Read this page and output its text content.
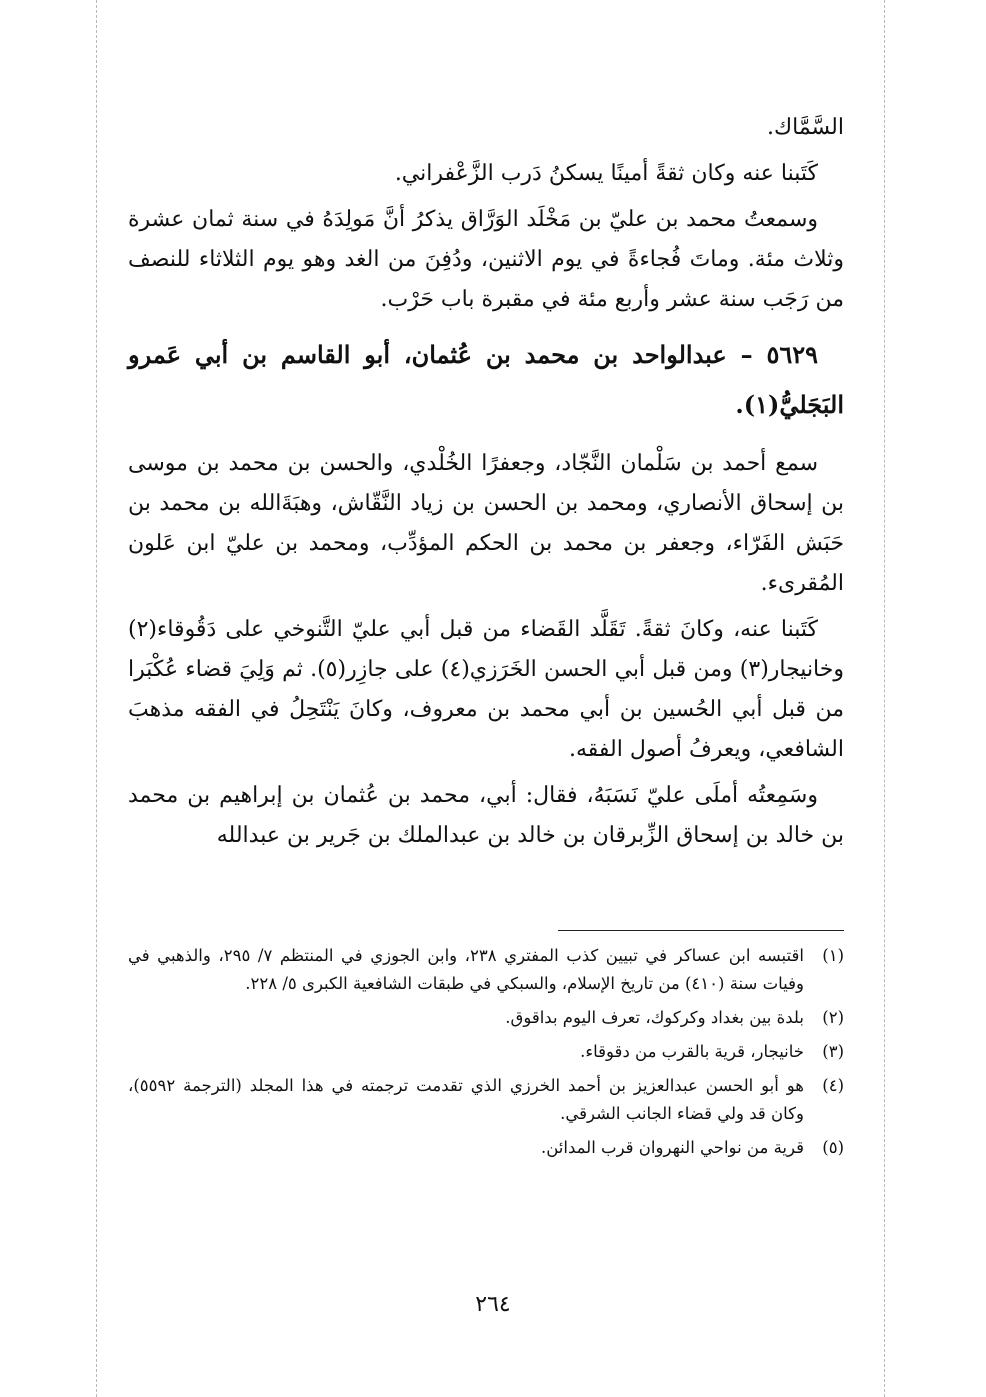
السَّمَّاك.

كَتَبنا عنه وكان ثقةً أمينًا يسكنُ دَرب الزَّعْفراني.

وسمعتُ محمد بن عليّ بن مَخْلَد الوَرَّاق يذكرُ أنَّ مَولِدَهُ في سنة ثمان عشرة وثلاث مئة. وماتَ فُجاءةً في يوم الاثنين، ودُفِنَ من الغد وهو يوم الثلاثاء للنصف من رَجَب سنة عشر وأربع مئة في مقبرة باب حَرْب.

٥٦٢٩ – عبدالواحد بن محمد بن عُثمان، أبو القاسم بن أبي عَمرو البَجَليُّ(١).

سمع أحمد بن سَلْمان النَّجّاد، وجعفرًا الخُلْدي، والحسن بن محمد بن موسى بن إسحاق الأنصاري، ومحمد بن الحسن بن زياد النَّقّاش، وهبَةَالله بن محمد بن حَبَش الفَرّاء، وجعفر بن محمد بن الحكم المؤدِّب، ومحمد بن عليّ ابن عَلون المُقرىء.

كَتَبنا عنه، وكانَ ثقةً. تَقَلَّد القَضاء من قبل أبي عليّ التَّنوخي على دَقُوقاء(٢) وخانيجار(٣) ومن قبل أبي الحسن الخَرَزي(٤) على جازِر(٥). ثم وَلِيَ قضاء عُكْبَرا من قبل أبي الحُسين بن أبي محمد بن معروف، وكانَ يَنْتَحِلُ في الفقه مذهبَ الشافعي، ويعرفُ أصول الفقه.

وسَمِعتُه أملَى عليّ نَسَبَهُ، فقال: أبي، محمد بن عُثمان بن إبراهيم بن محمد بن خالد بن إسحاق الزِّبرقان بن خالد بن عبدالملك بن جَرير بن عبدالله

(١)
اقتبسه ابن عساكر في تبيين كذب المفتري ٢٣٨، وابن الجوزي في المنتظم ٧/ ٢٩٥، والذهبي في وفيات سنة (٤١٠) من تاريخ الإسلام، والسبكي في طبقات الشافعية الكبرى ٥/ ٢٢٨.
(٢)
بلدة بين بغداد وكركوك، تعرف اليوم بداقوق.
(٣)
خانيجار، قرية بالقرب من دقوقاء.
(٤)
هو أبو الحسن عبدالعزيز بن أحمد الخرزي الذي تقدمت ترجمته في هذا المجلد (الترجمة ٥٥٩٢)، وكان قد ولي قضاء الجانب الشرقي.
(٥)
قرية من نواحي النهروان قرب المدائن.
٢٦٤
